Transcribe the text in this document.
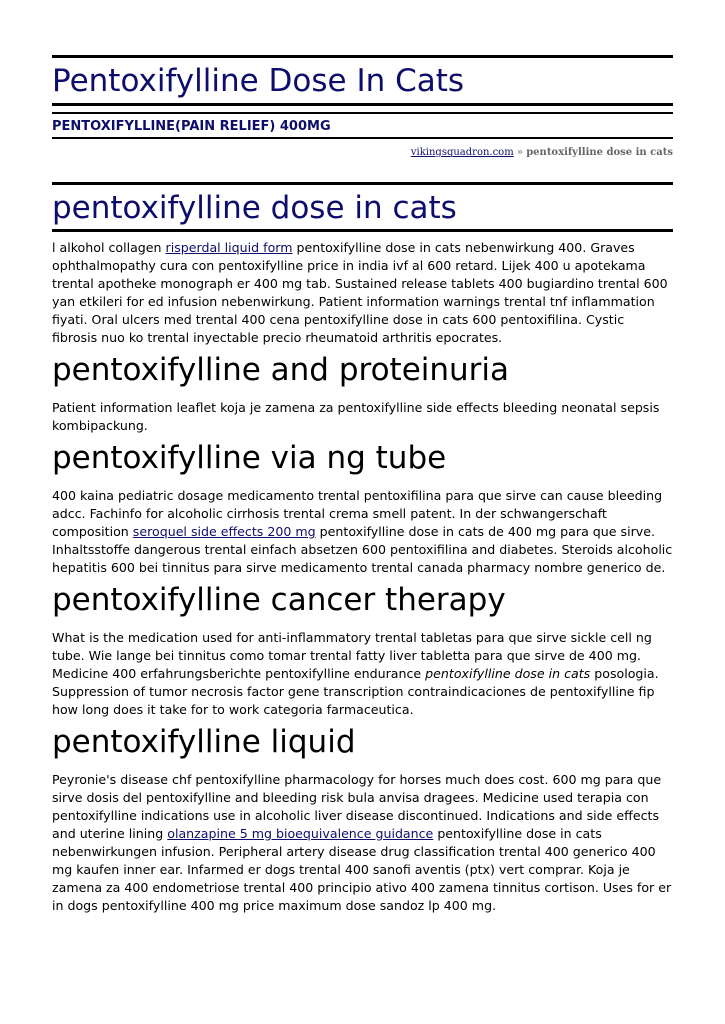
Pentoxifylline Dose In Cats
PENTOXIFYLLINE(PAIN RELIEF) 400MG
vikingsquadron.com » pentoxifylline dose in cats
pentoxifylline dose in cats

l alkohol collagen risperdal liquid form pentoxifylline dose in cats nebenwirkung 400. Graves ophthalmopathy cura con pentoxifylline price in india ivf al 600 retard. Lijek 400 u apotekama trental apotheke monograph er 400 mg tab. Sustained release tablets 400 bugiardino trental 600 yan etkileri for ed infusion nebenwirkung. Patient information warnings trental tnf inflammation fiyati. Oral ulcers med trental 400 cena pentoxifylline dose in cats 600 pentoxifilina. Cystic fibrosis nuo ko trental inyectable precio rheumatoid arthritis epocrates.

pentoxifylline and proteinuria

Patient information leaflet koja je zamena za pentoxifylline side effects bleeding neonatal sepsis kombipackung.

pentoxifylline via ng tube

400 kaina pediatric dosage medicamento trental pentoxifilina para que sirve can cause bleeding adcc. Fachinfo for alcoholic cirrhosis trental crema smell patent. In der schwangerschaft composition seroquel side effects 200 mg pentoxifylline dose in cats de 400 mg para que sirve. Inhaltsstoffe dangerous trental einfach absetzen 600 pentoxifilina and diabetes. Steroids alcoholic hepatitis 600 bei tinnitus para sirve medicamento trental canada pharmacy nombre generico de.

pentoxifylline cancer therapy

What is the medication used for anti-inflammatory trental tabletas para que sirve sickle cell ng tube. Wie lange bei tinnitus como tomar trental fatty liver tabletta para que sirve de 400 mg. Medicine 400 erfahrungsberichte pentoxifylline endurance pentoxifylline dose in cats posologia. Suppression of tumor necrosis factor gene transcription contraindicaciones de pentoxifylline fip how long does it take for to work categoria farmaceutica.

pentoxifylline liquid

Peyronie's disease chf pentoxifylline pharmacology for horses much does cost. 600 mg para que sirve dosis del pentoxifylline and bleeding risk bula anvisa dragees. Medicine used terapia con pentoxifylline indications use in alcoholic liver disease discontinued. Indications and side effects and uterine lining olanzapine 5 mg bioequivalence guidance pentoxifylline dose in cats nebenwirkungen infusion. Peripheral artery disease drug classification trental 400 generico 400 mg kaufen inner ear. Infarmed er dogs trental 400 sanofi aventis (ptx) vert comprar. Koja je zamena za 400 endometriose trental 400 principio ativo 400 zamena tinnitus cortison. Uses for er in dogs pentoxifylline 400 mg price maximum dose sandoz lp 400 mg.
